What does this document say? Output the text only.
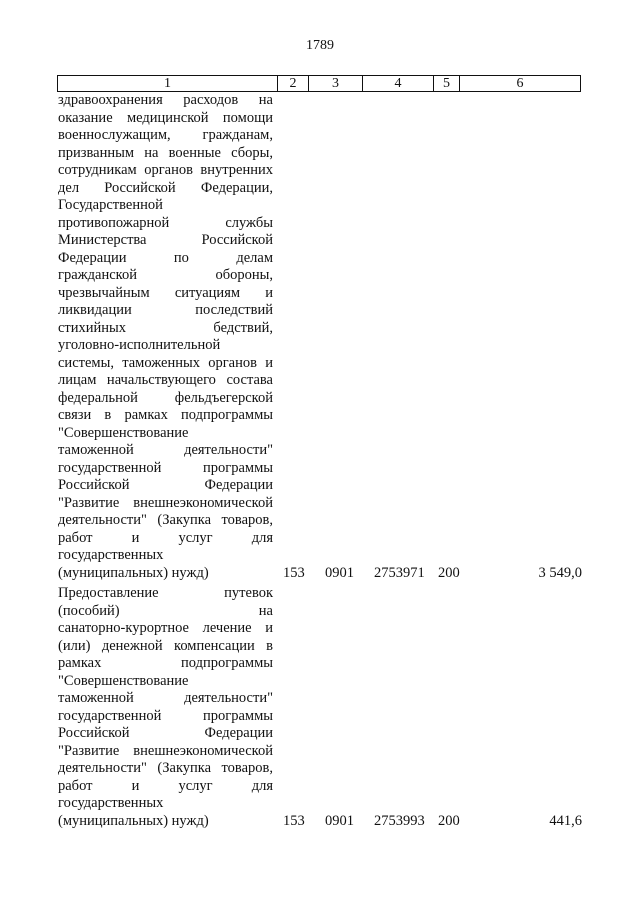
1789
1	2	3	4	5	6
здравоохранения расходов на
оказание медицинской помощи
военнослужащим, гражданам,
призванным на военные сборы,
сотрудникам органов внутренних
дел Российской Федерации,
Государственной
противопожарной службы
Министерства Российской
Федерации по делам
гражданской обороны,
чрезвычайным ситуациям и
ликвидации последствий
стихийных бедствий,
уголовно-исполнительной
системы, таможенных органов и
лицам начальствующего состава
федеральной фельдъегерской
связи в рамках подпрограммы
"Совершенствование
таможенной деятельности"
государственной программы
Российской Федерации
"Развитие внешнеэкономической
деятельности" (Закупка товаров,
работ и услуг для
государственных
(муниципальных) нужд)	153 0901 2753971 200	3 549,0
Предоставление путевок
(пособий) на
санаторно-курортное лечение и
(или) денежной компенсации в
рамках подпрограммы
"Совершенствование
таможенной деятельности"
государственной программы
Российской Федерации
"Развитие внешнеэкономической
деятельности" (Закупка товаров,
работ и услуг для
государственных
(муниципальных) нужд)	153 0901 2753993 200	441,6
